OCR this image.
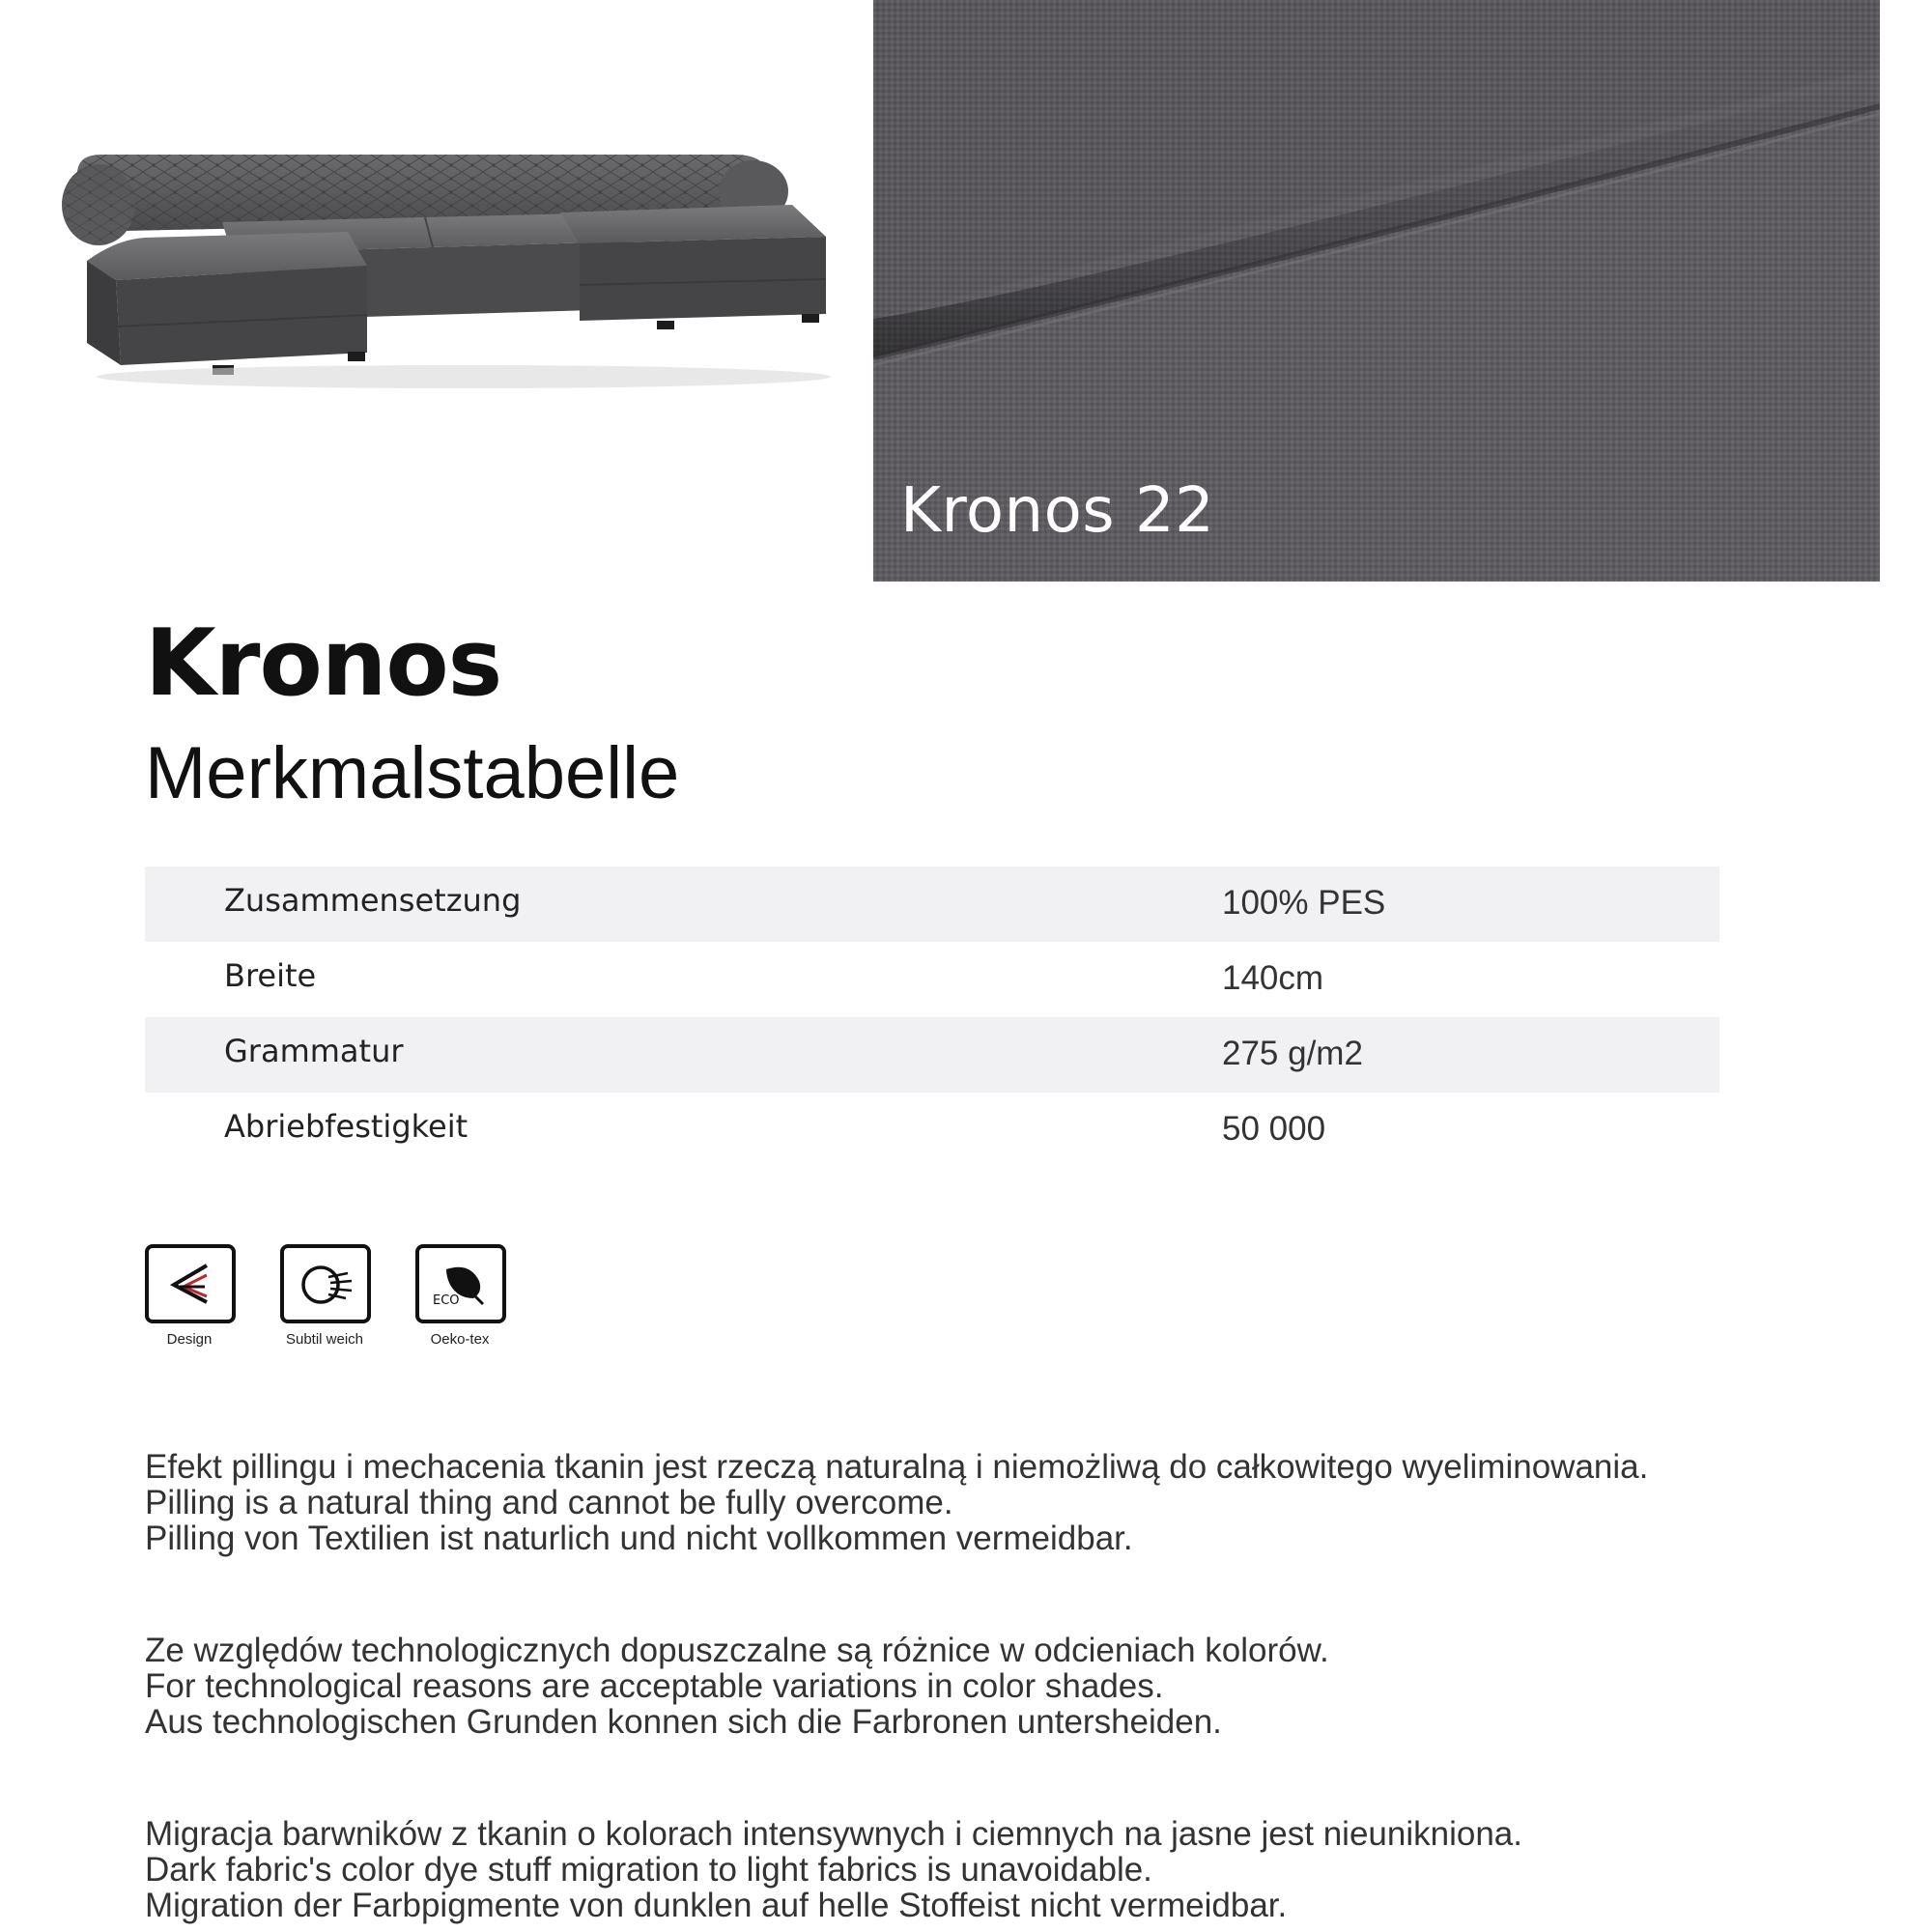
Kronos 22
Kronos
Merkmalstabelle
Zusammensetzung	100% PES
Breite	140cm
Grammatur	275 g/m2
Abriebfestigkeit	50 000
Design	Subtil weich
ECO
Oeko-tex
Efekt pillingu i mechacenia tkanin jest rzeczą naturalną i niemożliwą do całkowitego wyeliminowania.
Pilling is a natural thing and cannot be fully overcome.
Pilling von Textilien ist naturlich und nicht vollkommen vermeidbar.
Ze względów technologicznych dopuszczalne są różnice w odcieniach kolorów.
For technological reasons are acceptable variations in color shades.
Aus technologischen Grunden konnen sich die Farbronen untersheiden.
Migracja barwników z tkanin o kolorach intensywnych i ciemnych na jasne jest nieunikniona.
Dark fabric's color dye stuff migration to light fabrics is unavoidable.
Migration der Farbpigmente von dunklen auf helle Stoffeist nicht vermeidbar.
